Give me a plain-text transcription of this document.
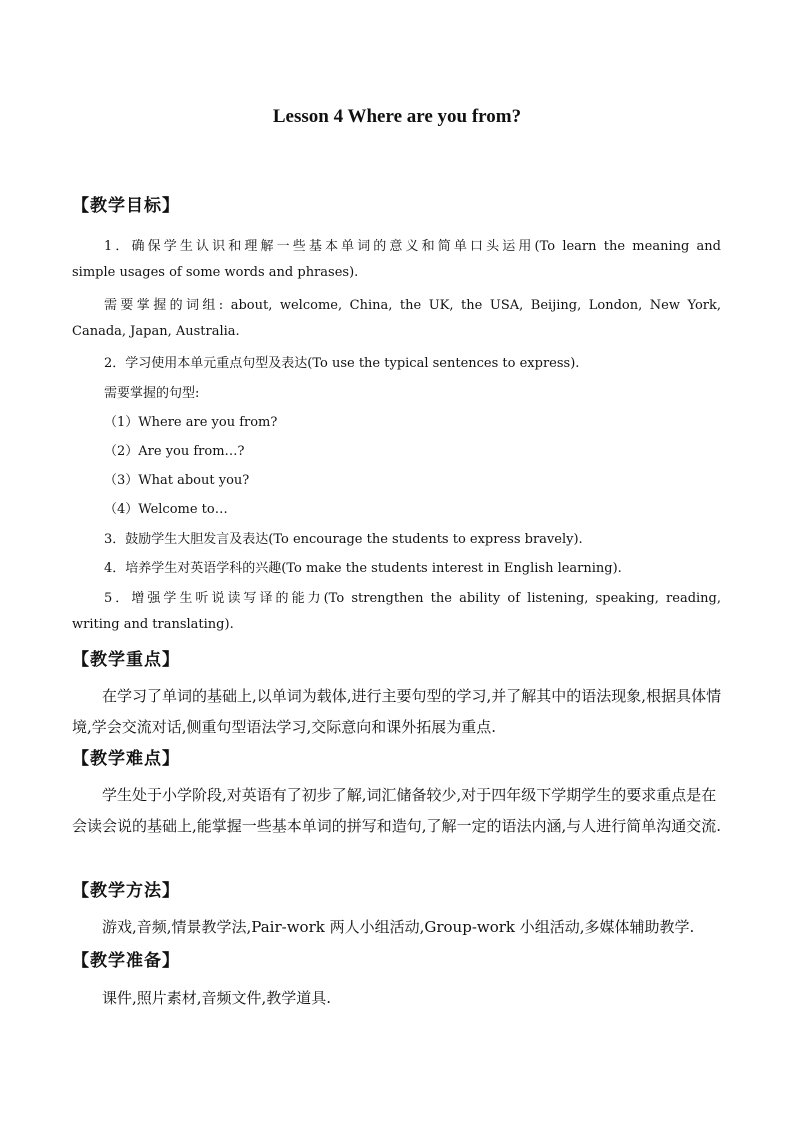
Lesson 4 Where are you from?
【教学目标】
1．确保学生认识和理解一些基本单词的意义和简单口头运用(To learn the meaning and
simple usages of some words and phrases).
需要掌握的词组: about, welcome, China, the UK, the USA, Beijing, London, New York,
Canada, Japan, Australia.
2．学习使用本单元重点句型及表达(To use the typical sentences to express).
需要掌握的句型:
（1）Where are you from?
（2）Are you from…?
（3）What about you?
（4）Welcome to…
3．鼓励学生大胆发言及表达(To encourage the students to express bravely).
4．培养学生对英语学科的兴趣(To make the students interest in English learning).
5．增强学生听说读写译的能力(To strengthen the ability of listening, speaking, reading,
writing and translating).
【教学重点】
在学习了单词的基础上,以单词为载体,进行主要句型的学习,并了解其中的语法现象,根据具体情境,学会交流对话,侧重句型语法学习,交际意向和课外拓展为重点.
【教学难点】
学生处于小学阶段,对英语有了初步了解,词汇储备较少,对于四年级下学期学生的要求重点是在会读会说的基础上,能掌握一些基本单词的拼写和造句,了解一定的语法内涵,与人进行简单沟通交流.
【教学方法】
游戏,音频,情景教学法,Pair-work 两人小组活动,Group-work 小组活动,多媒体辅助教学.
【教学准备】
课件,照片素材,音频文件,教学道具.
